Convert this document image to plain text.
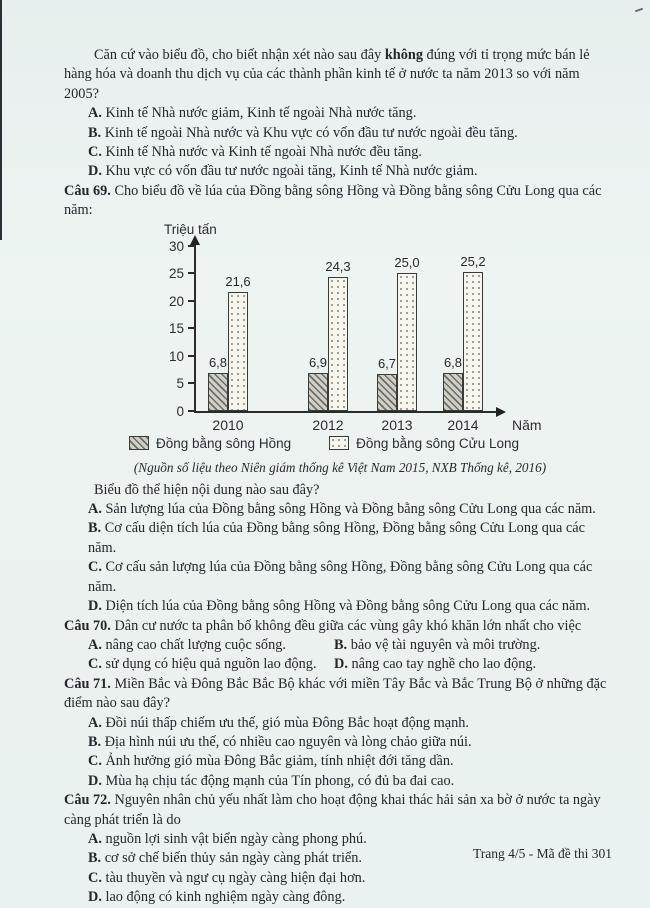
Căn cứ vào biểu đồ, cho biết nhận xét nào sau đây không đúng với tỉ trọng mức bán lẻ hàng hóa và doanh thu dịch vụ của các thành phần kinh tế ở nước ta năm 2013 so với năm 2005?

A. Kinh tế Nhà nước giảm, Kinh tế ngoài Nhà nước tăng.

B. Kinh tế ngoài Nhà nước và Khu vực có vốn đầu tư nước ngoài đều tăng.

C. Kinh tế Nhà nước và Kinh tế ngoài Nhà nước đều tăng.

D. Khu vực có vốn đầu tư nước ngoài tăng, Kinh tế Nhà nước giảm.

Câu 69. Cho biểu đồ về lúa của Đồng bằng sông Hồng và Đồng bằng sông Cửu Long qua các năm:

Triệu tấn
Năm
0
5
10
15
20
25
30
2010
6,8
21,6
2012
6,9
24,3
2013
6,7
25,0
2014
6,8
25,2
Đồng bằng sông Hồng	Đồng bằng sông Cửu Long
(Nguồn số liệu theo Niên giám thống kê Việt Nam 2015, NXB Thống kê, 2016)

Biểu đồ thể hiện nội dung nào sau đây?

A. Sản lượng lúa của Đồng bằng sông Hồng và Đồng bằng sông Cửu Long qua các năm.

B. Cơ cấu diện tích lúa của Đồng bằng sông Hồng, Đồng bằng sông Cửu Long qua các năm.

C. Cơ cấu sản lượng lúa của Đồng bằng sông Hồng, Đồng bằng sông Cửu Long qua các năm.

D. Diện tích lúa của Đồng bằng sông Hồng và Đồng bằng sông Cửu Long qua các năm.

Câu 70. Dân cư nước ta phân bố không đều giữa các vùng gây khó khăn lớn nhất cho việc

A. nâng cao chất lượng cuộc sống.	B. bảo vệ tài nguyên và môi trường.

C. sử dụng có hiệu quả nguồn lao động.	D. nâng cao tay nghề cho lao động.

Câu 71. Miền Bắc và Đông Bắc Bắc Bộ khác với miền Tây Bắc và Bắc Trung Bộ ở những đặc điểm nào sau đây?

A. Đồi núi thấp chiếm ưu thế, gió mùa Đông Bắc hoạt động mạnh.

B. Địa hình núi ưu thế, có nhiều cao nguyên và lòng chảo giữa núi.

C. Ảnh hưởng gió mùa Đông Bắc giảm, tính nhiệt đới tăng dần.

D. Mùa hạ chịu tác động mạnh của Tín phong, có đủ ba đai cao.

Câu 72. Nguyên nhân chủ yếu nhất làm cho hoạt động khai thác hải sản xa bờ ở nước ta ngày càng phát triển là do

A. nguồn lợi sinh vật biển ngày càng phong phú.

B. cơ sở chế biến thủy sản ngày càng phát triển.

C. tàu thuyền và ngư cụ ngày càng hiện đại hơn.

D. lao động có kinh nghiệm ngày càng đông.

Trang 4/5 - Mã đề thi 301
